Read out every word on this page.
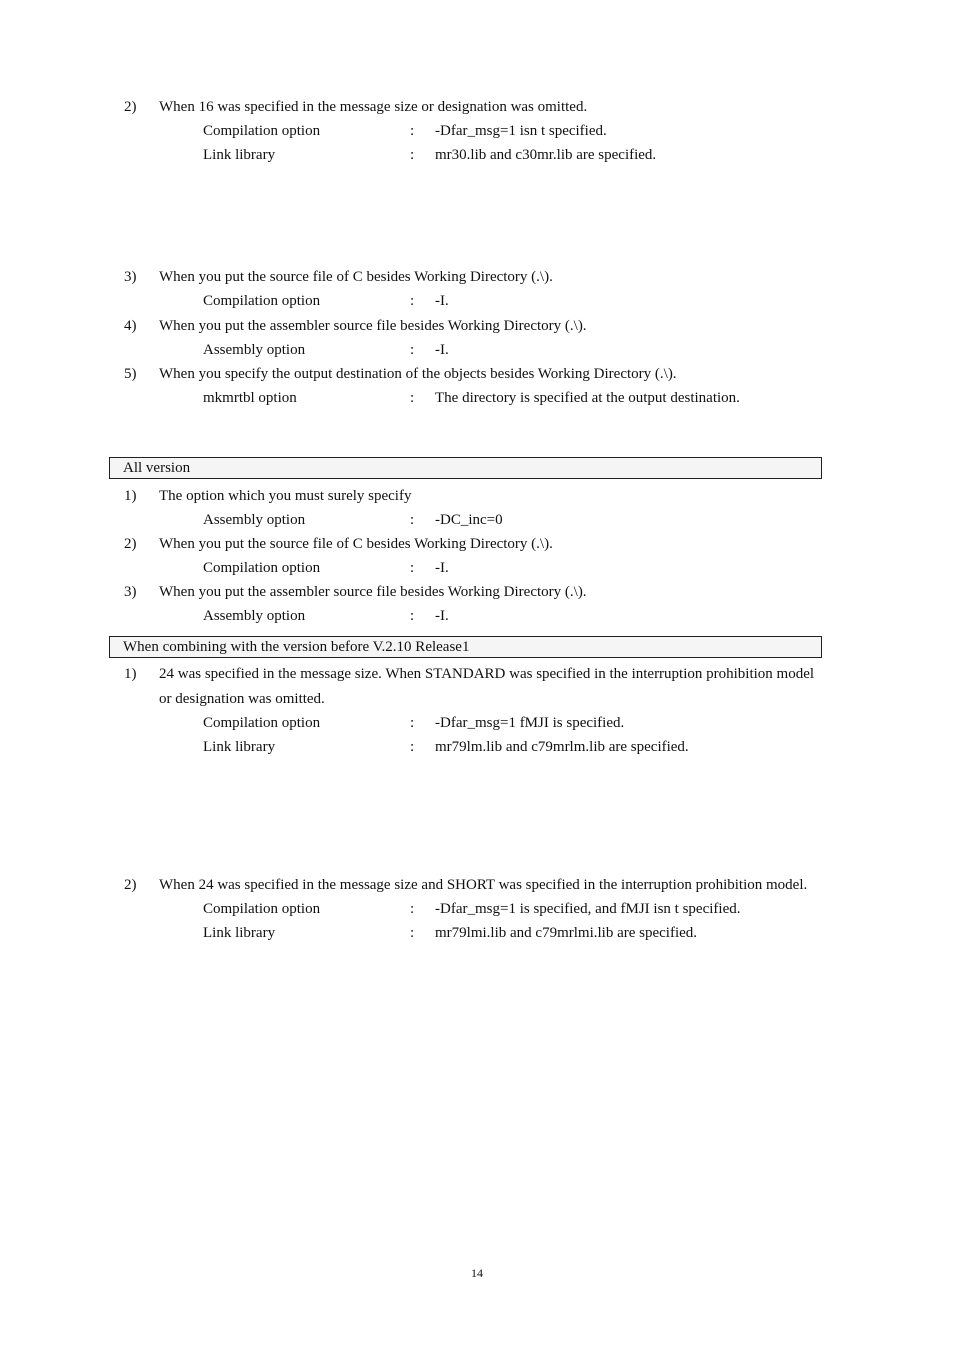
2) When 16 was specified in the message size or designation was omitted.
Compilation option	: -Dfar_msg=1 isn t specified.
Link library	: mr30.lib and c30mr.lib are specified.
3) When you put the source file of C besides Working Directory (.\).
Compilation option	: -I.
4) When you put the assembler source file besides Working Directory (.\).
Assembly option	: -I.
5) When you specify the output destination of the objects besides Working Directory (.\).
mkmrtbl option	: The directory is specified at the output destination.
All version
1) The option which you must surely specify
Assembly option	: -DC_inc=0
2) When you put the source file of C besides Working Directory (.\).
Compilation option	: -I.
3) When you put the assembler source file besides Working Directory (.\).
Assembly option	: -I.
When combining with the version before V.2.10 Release1
1) 24 was specified in the message size. When STANDARD was specified in the interruption prohibition model
or designation was omitted.
Compilation option	: -Dfar_msg=1 fMJI is specified.
Link library	: mr79lm.lib and c79mrlm.lib are specified.
2) When 24 was specified in the message size and SHORT was specified in the interruption prohibition model.
Compilation option	: -Dfar_msg=1 is specified, and fMJI isn t specified.
Link library	: mr79lmi.lib and c79mrlmi.lib are specified.
14
